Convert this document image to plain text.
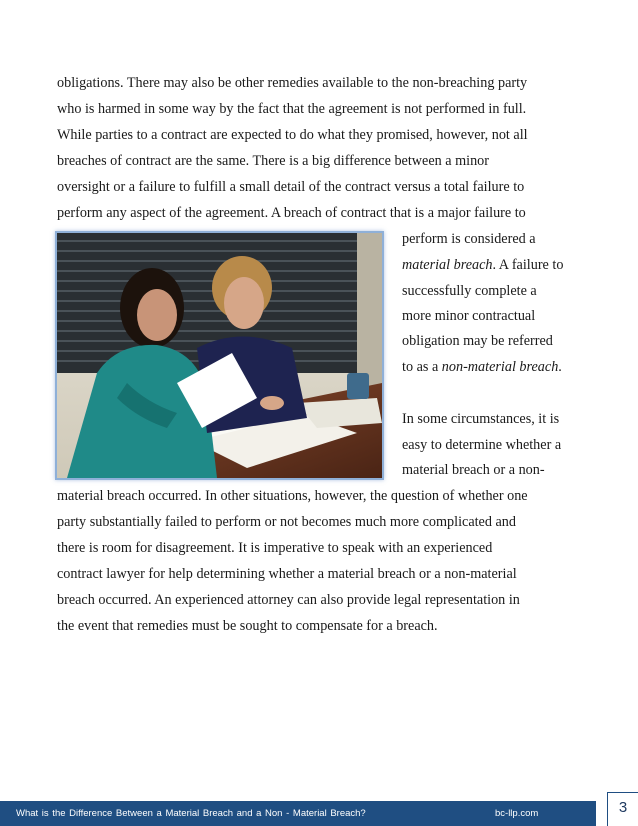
obligations. There may also be other remedies available to the non-breaching party
who is harmed in some way by the fact that the agreement is not performed in full.
While parties to a contract are expected to do what they promised, however, not all
breaches of contract are the same. There is a big difference between a minor
oversight or a failure to fulfill a small detail of the contract versus a total failure to
perform any aspect of the agreement. A breach of contract that is a major failure to
perform is considered a
material breach. A failure to
successfully complete a
more minor contractual
obligation may be referred
to as a non-material breach.
In some circumstances, it is
easy to determine whether a
material breach or a non-
material breach occurred. In other situations, however, the question of whether one
party substantially failed to perform or not becomes much more complicated and
there is room for disagreement. It is imperative to speak with an experienced
contract lawyer for help determining whether a material breach or a non-material
breach occurred. An experienced attorney can also provide legal representation in
the event that remedies must be sought to compensate for a breach.
What is the Difference Between a Material Breach and a Non - Material Breach?	bc-llp.com	3
